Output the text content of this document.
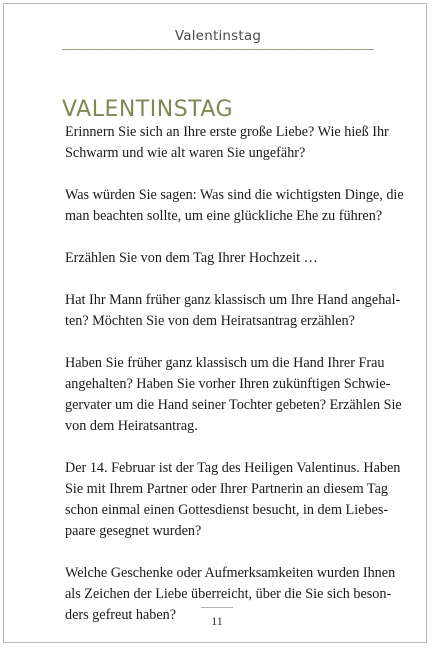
Valentinstag
VALENTINSTAG

Erinnern Sie sich an Ihre erste große Liebe? Wie hieß Ihr
Schwarm und wie alt waren Sie ungefähr?

Was würden Sie sagen: Was sind die wichtigsten Dinge, die
man beachten sollte, um eine glückliche Ehe zu führen?

Erzählen Sie von dem Tag Ihrer Hochzeit …

Hat Ihr Mann früher ganz klassisch um Ihre Hand angehal-
ten? Möchten Sie von dem Heiratsantrag erzählen?

Haben Sie früher ganz klassisch um die Hand Ihrer Frau
angehalten? Haben Sie vorher Ihren zukünftigen Schwie-
gervater um die Hand seiner Tochter gebeten? Erzählen Sie
von dem Heiratsantrag.

Der 14. Februar ist der Tag des Heiligen Valentinus. Haben
Sie mit Ihrem Partner oder Ihrer Partnerin an diesem Tag
schon einmal einen Gottesdienst besucht, in dem Liebes-
paare gesegnet wurden?

Welche Geschenke oder Aufmerksamkeiten wurden Ihnen
als Zeichen der Liebe überreicht, über die Sie sich beson-
ders gefreut haben?	11
